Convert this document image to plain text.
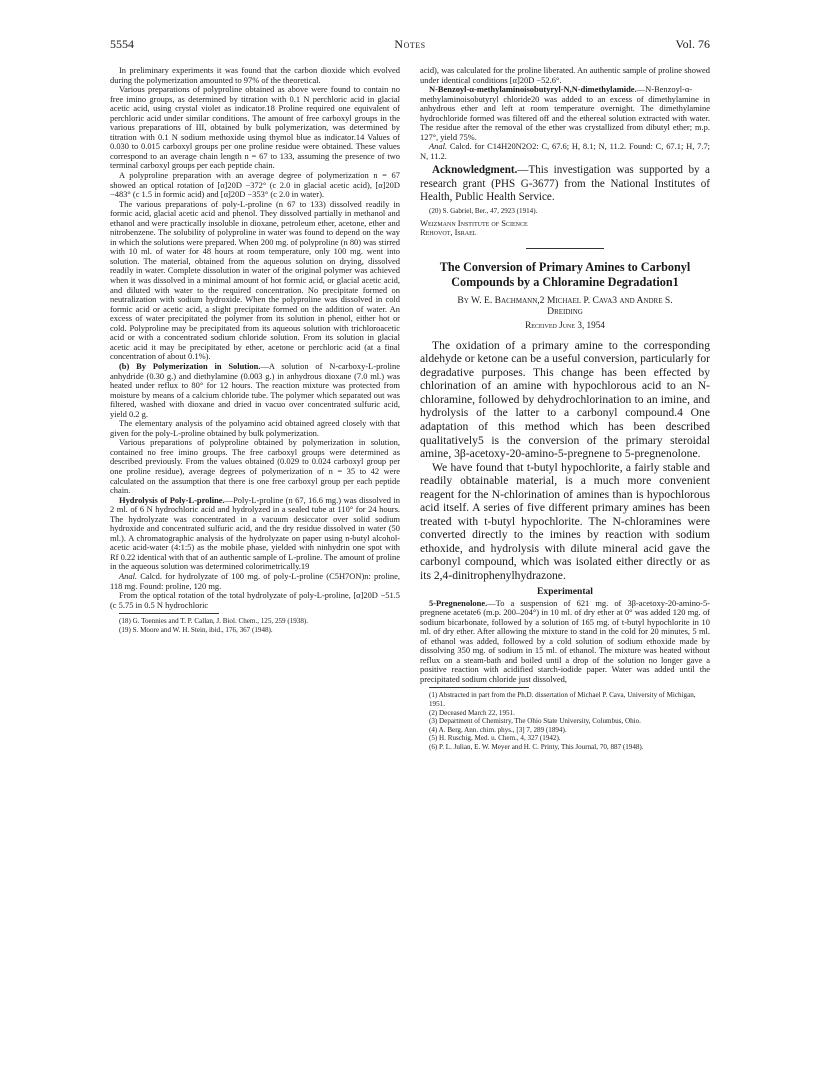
5554	Notes	Vol. 76

In preliminary experiments it was found that the carbon dioxide which evolved during the polymerization amounted to 97% of the theoretical.

Various preparations of polyproline obtained as above were found to contain no free imino groups, as determined by titration with 0.1 N perchloric acid in glacial acetic acid, using crystal violet as indicator.18 Proline required one equivalent of perchloric acid under similar conditions. The amount of free carboxyl groups in the various preparations of III, obtained by bulk polymerization, was determined by titration with 0.1 N sodium methoxide using thymol blue as indicator.14 Values of 0.030 to 0.015 carboxyl groups per one proline residue were obtained. These values correspond to an average chain length n = 67 to 133, assuming the presence of two terminal carboxyl groups per each peptide chain.

A polyproline preparation with an average degree of polymerization n = 67 showed an optical rotation of [α]20D −372° (c 2.0 in glacial acetic acid), [α]20D −483° (c 1.5 in formic acid) and [α]20D −353° (c 2.0 in water).

The various preparations of poly-L-proline (n 67 to 133) dissolved readily in formic acid, glacial acetic acid and phenol. They dissolved partially in methanol and ethanol and were practically insoluble in dioxane, petroleum ether, acetone, ether and nitrobenzene. The solubility of polyproline in water was found to depend on the way in which the solutions were prepared. When 200 mg. of polyproline (n 80) was stirred with 10 ml. of water for 48 hours at room temperature, only 100 mg. went into solution. The material, obtained from the aqueous solution on drying, dissolved readily in water. Complete dissolution in water of the original polymer was achieved when it was dissolved in a minimal amount of hot formic acid, or glacial acetic acid, and diluted with water to the required concentration. No precipitate formed on neutralization with sodium hydroxide. When the polyproline was dissolved in cold formic acid or acetic acid, a slight precipitate formed on the addition of water. An excess of water precipitated the polymer from its solution in phenol, either hot or cold. Polyproline may be precipitated from its aqueous solution with trichloroacetic acid or with a concentrated sodium chloride solution. From its solution in glacial acetic acid it may be precipitated by ether, acetone or perchloric acid (at a final concentration of about 0.1%).

(b) By Polymerization in Solution.—A solution of N-carboxy-L-proline anhydride (0.30 g.) and diethylamine (0.003 g.) in anhydrous dioxane (7.0 ml.) was heated under reflux to 80° for 12 hours. The reaction mixture was protected from moisture by means of a calcium chloride tube. The polymer which separated out was filtered, washed with dioxane and dried in vacuo over concentrated sulfuric acid, yield 0.2 g.

The elementary analysis of the polyamino acid obtained agreed closely with that given for the poly-L-proline obtained by bulk polymerization.

Various preparations of polyproline obtained by polymerization in solution, contained no free imino groups. The free carboxyl groups were determined as described previously. From the values obtained (0.029 to 0.024 carboxyl group per one proline residue), average degrees of polymerization of n = 35 to 42 were calculated on the assumption that there is one free carboxyl group per each peptide chain.

Hydrolysis of Poly-L-proline.—Poly-L-proline (n 67, 16.6 mg.) was dissolved in 2 ml. of 6 N hydrochloric acid and hydrolyzed in a sealed tube at 110° for 24 hours. The hydrolyzate was concentrated in a vacuum desiccator over solid sodium hydroxide and concentrated sulfuric acid, and the dry residue dissolved in water (50 ml.). A chromatographic analysis of the hydrolyzate on paper using n-butyl alcohol-acetic acid-water (4:1:5) as the mobile phase, yielded with ninhydrin one spot with Rf 0.22 identical with that of an authentic sample of L-proline. The amount of proline in the aqueous solution was determined colorimetrically.19

Anal. Calcd. for hydrolyzate of 100 mg. of poly-L-proline (C5H7ON)n: proline, 118 mg. Found: proline, 120 mg.

From the optical rotation of the total hydrolyzate of poly-L-proline, [α]20D −51.5 (c 5.75 in 0.5 N hydrochloric

(18) G. Toennies and T. P. Callan, J. Biol. Chem., 125, 259 (1938).

(19) S. Moore and W. H. Stein, ibid., 176, 367 (1948).

acid), was calculated for the proline liberated. An authentic sample of proline showed under identical conditions [α]20D −52.6°.

N-Benzoyl-α-methylaminoisobutyryl-N,N-dimethylamide.—N-Benzoyl-α-methylaminoisobutyryl chloride20 was added to an excess of dimethylamine in anhydrous ether and left at room temperature overnight. The dimethylamine hydrochloride formed was filtered off and the ethereal solution extracted with water. The residue after the removal of the ether was crystallized from dibutyl ether; m.p. 127°, yield 75%.

Anal. Calcd. for C14H20N2O2: C, 67.6; H, 8.1; N, 11.2. Found: C, 67.1; H, 7.7; N, 11.2.

Acknowledgment.—This investigation was supported by a research grant (PHS G-3677) from the National Institutes of Health, Public Health Service.

(20) S. Gabriel, Ber., 47, 2923 (1914).

Weizmann Institute of Science

Rehovot, Israel

The Conversion of Primary Amines to Carbonyl Compounds by a Chloramine Degradation1

By W. E. Bachmann,2 Michael P. Cava3 and Andre S.

Dreiding

Received June 3, 1954

The oxidation of a primary amine to the corresponding aldehyde or ketone can be a useful conversion, particularly for degradative purposes. This change has been effected by chlorination of an amine with hypochlorous acid to an N-chloramine, followed by dehydrochlorination to an imine, and hydrolysis of the latter to a carbonyl compound.4 One adaptation of this method which has been described qualitatively5 is the conversion of the primary steroidal amine, 3β-acetoxy-20-amino-5-pregnene to 5-pregnenolone.

We have found that t-butyl hypochlorite, a fairly stable and readily obtainable material, is a much more convenient reagent for the N-chlorination of amines than is hypochlorous acid itself. A series of five different primary amines has been treated with t-butyl hypochlorite. The N-chloramines were converted directly to the imines by reaction with sodium ethoxide, and hydrolysis with dilute mineral acid gave the carbonyl compound, which was isolated either directly or as its 2,4-dinitrophenylhydrazone.

Experimental

5-Pregnenolone.—To a suspension of 621 mg. of 3β-acetoxy-20-amino-5-pregnene acetate6 (m.p. 200–204°) in 10 ml. of dry ether at 0° was added 120 mg. of sodium bicarbonate, followed by a solution of 165 mg. of t-butyl hypochlorite in 10 ml. of dry ether. After allowing the mixture to stand in the cold for 20 minutes, 5 ml. of ethanol was added, followed by a cold solution of sodium ethoxide made by dissolving 350 mg. of sodium in 15 ml. of ethanol. The mixture was heated without reflux on a steam-bath and boiled until a drop of the solution no longer gave a positive reaction with acidified starch-iodide paper. Water was added until the precipitated sodium chloride just dissolved,

(1) Abstracted in part from the Ph.D. dissertation of Michael P. Cava, University of Michigan, 1951.

(2) Deceased March 22, 1951.

(3) Department of Chemistry, The Ohio State University, Columbus, Ohio.

(4) A. Berg, Ann. chim. phys., [3] 7, 289 (1894).

(5) H. Ruschig, Med. u. Chem., 4, 327 (1942).

(6) P. L. Julian, E. W. Meyer and H. C. Printy, This Journal, 70, 887 (1948).
